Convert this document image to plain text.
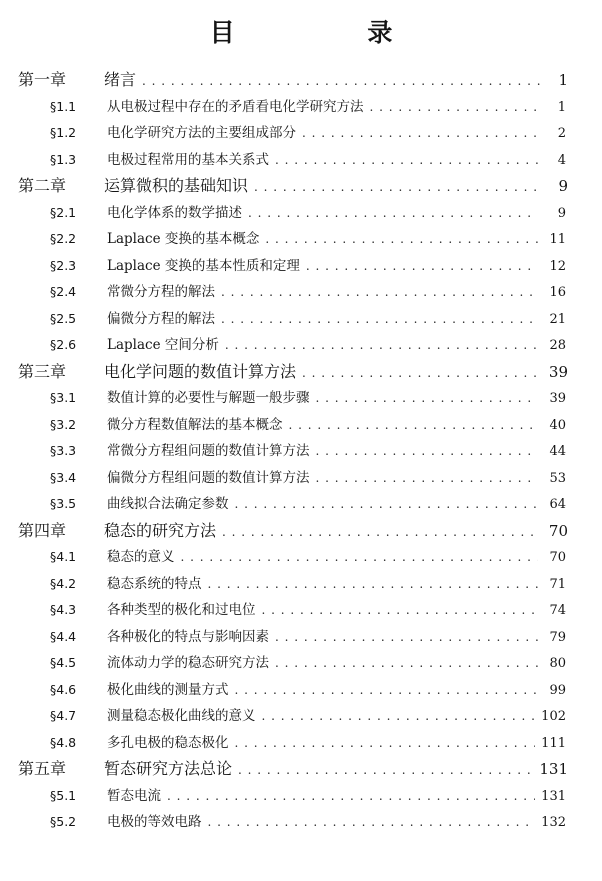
目 录
第一章	绪言 . . .	1
§1.1	从电极过程中存在的矛盾看电化学研究方法 . . .	1
§1.2	电化学研究方法的主要组成部分 . . .	2
§1.3	电极过程常用的基本关系式 . . .	4
第二章	运算微积的基础知识 . . .	9
§2.1	电化学体系的数学描述 . . .	9
§2.2	Laplace 变换的基本概念 . . .	11
§2.3	Laplace 变换的基本性质和定理 . . .	12
§2.4	常微分方程的解法 . . .	16
§2.5	偏微分方程的解法 . . .	21
§2.6	Laplace 空间分析 . . .	28
第三章	电化学问题的数值计算方法 . . .	39
§3.1	数值计算的必要性与解题一般步骤 . . .	39
§3.2	微分方程数值解法的基本概念 . . .	40
§3.3	常微分方程组问题的数值计算方法 . . .	44
§3.4	偏微分方程组问题的数值计算方法 . . .	53
§3.5	曲线拟合法确定参数 . . .	64
第四章	稳态的研究方法 . . .	70
§4.1	稳态的意义 . . .	70
§4.2	稳态系统的特点 . . .	71
§4.3	各种类型的极化和过电位 . . .	74
§4.4	各种极化的特点与影响因素 . . .	79
§4.5	流体动力学的稳态研究方法 . . .	80
§4.6	极化曲线的测量方式 . . .	99
§4.7	测量稳态极化曲线的意义 . . .	102
§4.8	多孔电极的稳态极化 . . .	111
第五章	暂态研究方法总论 . . .	131
§5.1	暂态电流 . . .	131
§5.2	电极的等效电路 . . .	132
